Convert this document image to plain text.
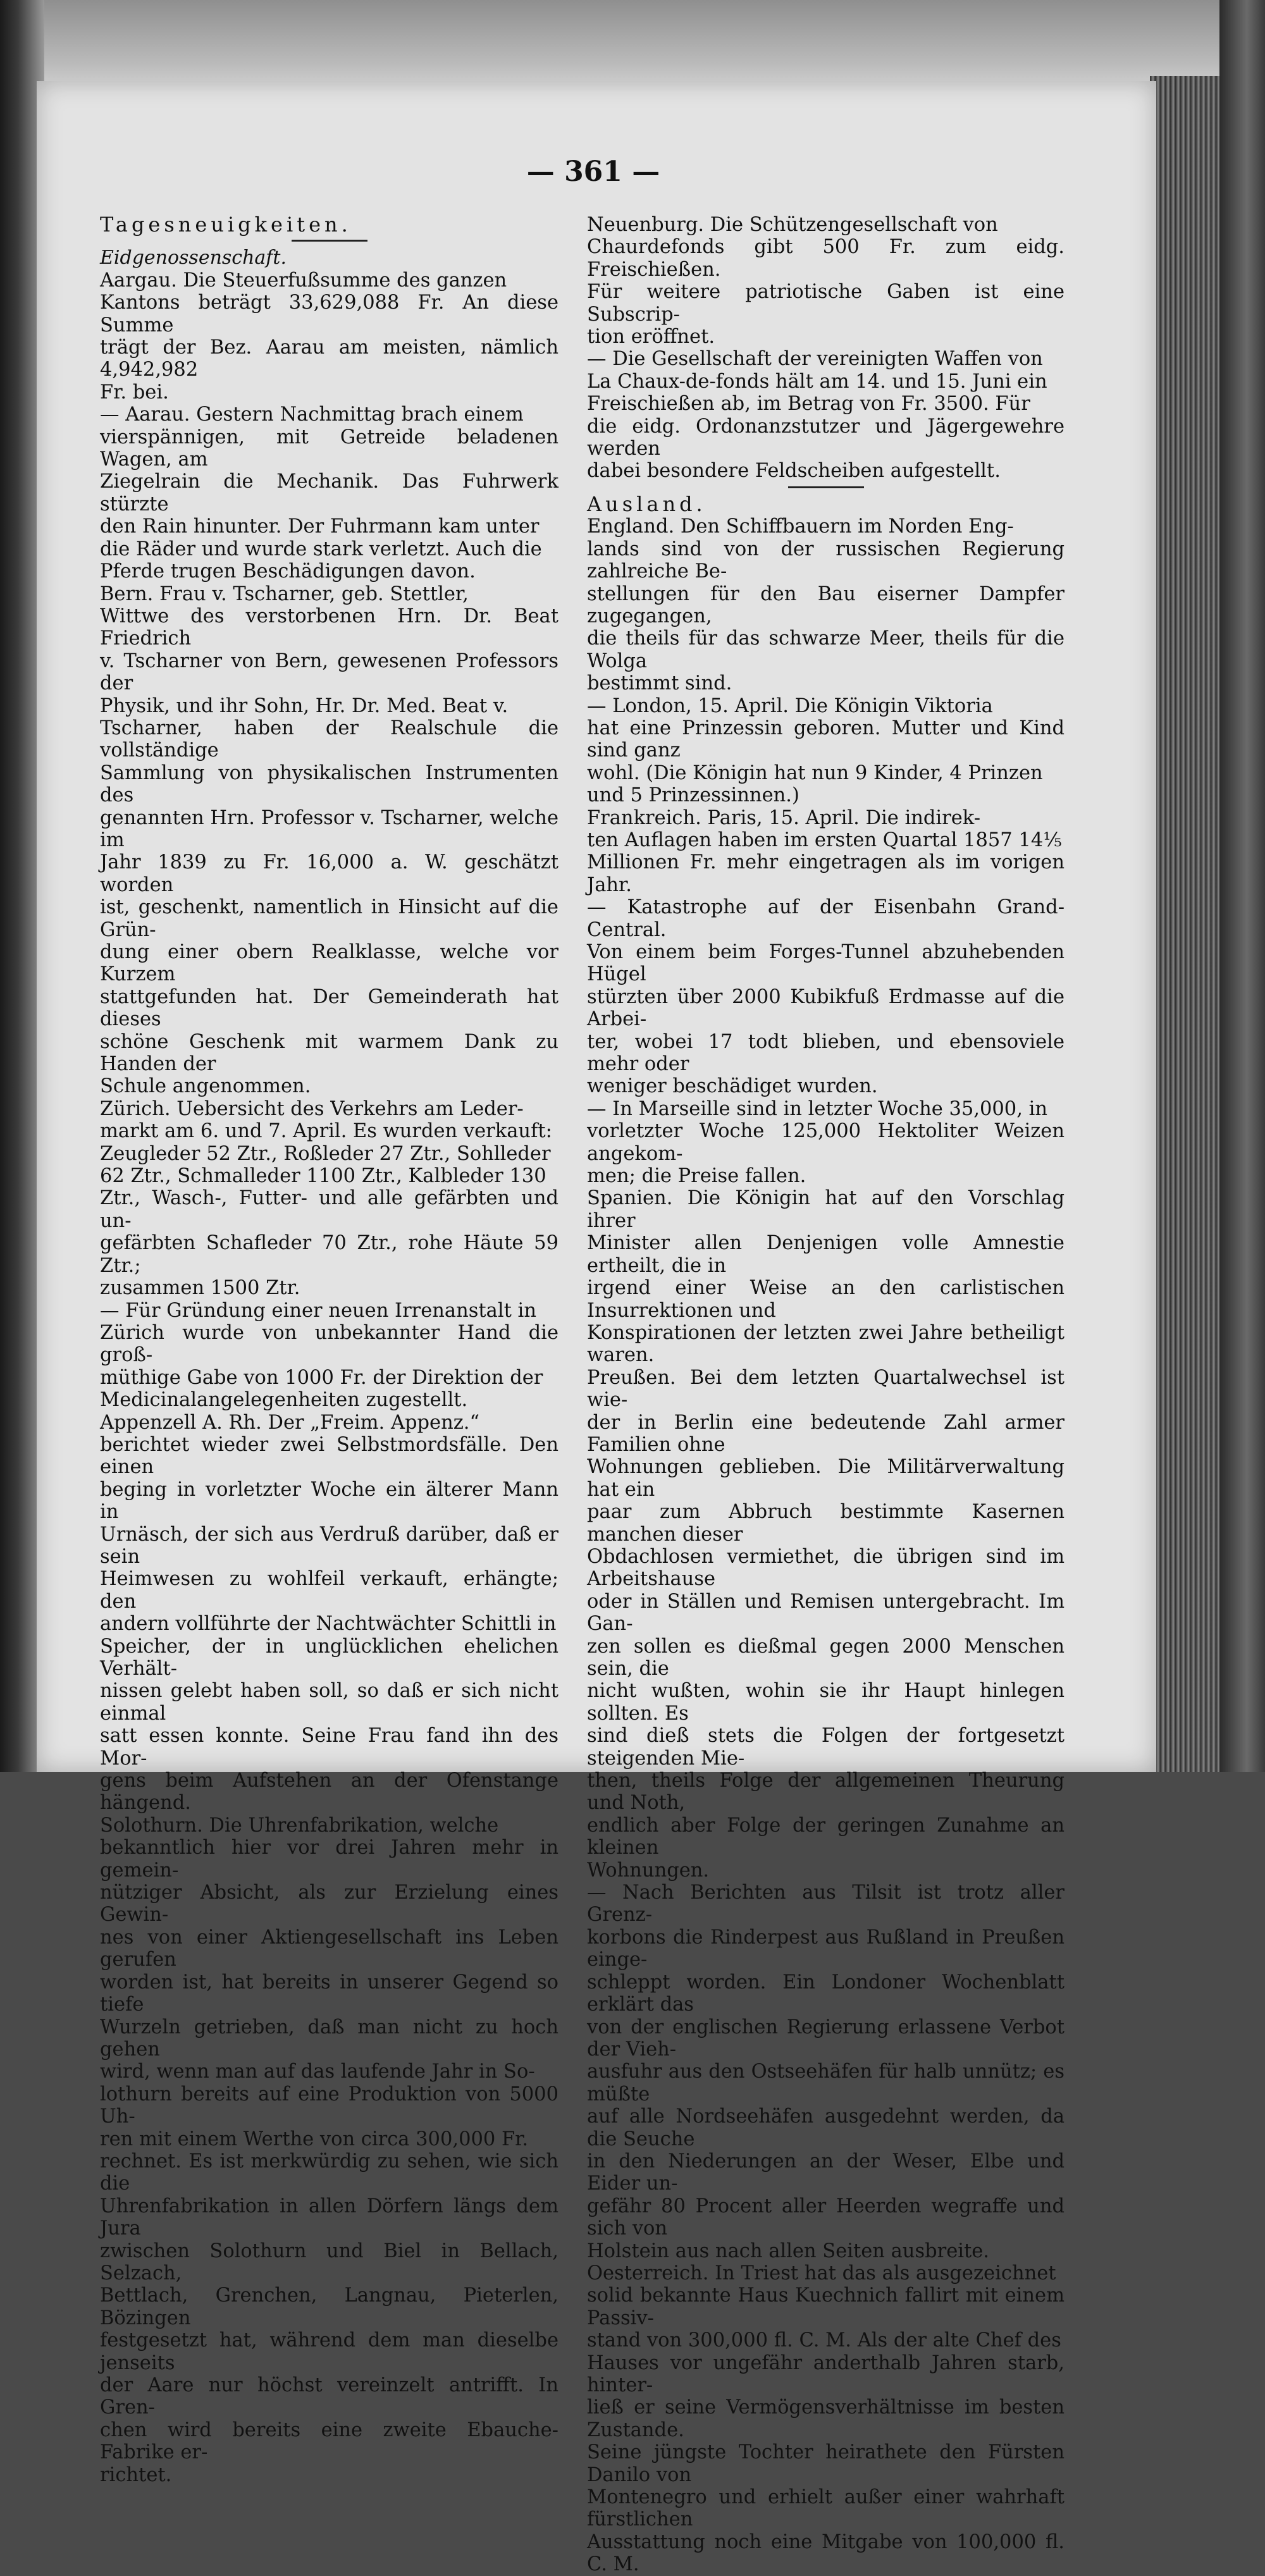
— 361 —

Tagesneuigkeiten.

Eidgenossenschaft.

Aargau. Die Steuerfußsumme des ganzen

Kantons beträgt 33,629,088 Fr. An diese Summe

trägt der Bez. Aarau am meisten, nämlich 4,942,982

Fr. bei.

— Aarau. Gestern Nachmittag brach einem

vierspännigen, mit Getreide beladenen Wagen, am

Ziegelrain die Mechanik. Das Fuhrwerk stürzte

den Rain hinunter. Der Fuhrmann kam unter

die Räder und wurde stark verletzt. Auch die

Pferde trugen Beschädigungen davon.

Bern. Frau v. Tscharner, geb. Stettler,

Wittwe des verstorbenen Hrn. Dr. Beat Friedrich

v. Tscharner von Bern, gewesenen Professors der

Physik, und ihr Sohn, Hr. Dr. Med. Beat v.

Tscharner, haben der Realschule die vollständige

Sammlung von physikalischen Instrumenten des

genannten Hrn. Professor v. Tscharner, welche im

Jahr 1839 zu Fr. 16,000 a. W. geschätzt worden

ist, geschenkt, namentlich in Hinsicht auf die Grün-

dung einer obern Realklasse, welche vor Kurzem

stattgefunden hat. Der Gemeinderath hat dieses

schöne Geschenk mit warmem Dank zu Handen der

Schule angenommen.

Zürich. Uebersicht des Verkehrs am Leder-

markt am 6. und 7. April. Es wurden verkauft:

Zeugleder 52 Ztr., Roßleder 27 Ztr., Sohlleder

62 Ztr., Schmalleder 1100 Ztr., Kalbleder 130

Ztr., Wasch-, Futter- und alle gefärbten und un-

gefärbten Schafleder 70 Ztr., rohe Häute 59 Ztr.;

zusammen 1500 Ztr.

— Für Gründung einer neuen Irrenanstalt in

Zürich wurde von unbekannter Hand die groß-

müthige Gabe von 1000 Fr. der Direktion der

Medicinalangelegenheiten zugestellt.

Appenzell A. Rh. Der „Freim. Appenz.“

berichtet wieder zwei Selbstmordsfälle. Den einen

beging in vorletzter Woche ein älterer Mann in

Urnäsch, der sich aus Verdruß darüber, daß er sein

Heimwesen zu wohlfeil verkauft, erhängte; den

andern vollführte der Nachtwächter Schittli in

Speicher, der in unglücklichen ehelichen Verhält-

nissen gelebt haben soll, so daß er sich nicht einmal

satt essen konnte. Seine Frau fand ihn des Mor-

gens beim Aufstehen an der Ofenstange hängend.

Solothurn. Die Uhrenfabrikation, welche

bekanntlich hier vor drei Jahren mehr in gemein-

nütziger Absicht, als zur Erzielung eines Gewin-

nes von einer Aktiengesellschaft ins Leben gerufen

worden ist, hat bereits in unserer Gegend so tiefe

Wurzeln getrieben, daß man nicht zu hoch gehen

wird, wenn man auf das laufende Jahr in So-

lothurn bereits auf eine Produktion von 5000 Uh-

ren mit einem Werthe von circa 300,000 Fr.

rechnet. Es ist merkwürdig zu sehen, wie sich die

Uhrenfabrikation in allen Dörfern längs dem Jura

zwischen Solothurn und Biel in Bellach, Selzach,

Bettlach, Grenchen, Langnau, Pieterlen, Bözingen

festgesetzt hat, während dem man dieselbe jenseits

der Aare nur höchst vereinzelt antrifft. In Gren-

chen wird bereits eine zweite Ebauche-Fabrike er-

richtet.

Neuenburg. Die Schützengesellschaft von

Chaurdefonds gibt 500 Fr. zum eidg. Freischießen.

Für weitere patriotische Gaben ist eine Subscrip-

tion eröffnet.

— Die Gesellschaft der vereinigten Waffen von

La Chaux-de-fonds hält am 14. und 15. Juni ein

Freischießen ab, im Betrag von Fr. 3500. Für

die eidg. Ordonanzstutzer und Jägergewehre werden

dabei besondere Feldscheiben aufgestellt.

Ausland.

England. Den Schiffbauern im Norden Eng-

lands sind von der russischen Regierung zahlreiche Be-

stellungen für den Bau eiserner Dampfer zugegangen,

die theils für das schwarze Meer, theils für die Wolga

bestimmt sind.

— London, 15. April. Die Königin Viktoria

hat eine Prinzessin geboren. Mutter und Kind sind ganz

wohl. (Die Königin hat nun 9 Kinder, 4 Prinzen

und 5 Prinzessinnen.)

Frankreich. Paris, 15. April. Die indirek-

ten Auflagen haben im ersten Quartal 1857 14⅕

Millionen Fr. mehr eingetragen als im vorigen Jahr.

— Katastrophe auf der Eisenbahn Grand-Central.

Von einem beim Forges-Tunnel abzuhebenden Hügel

stürzten über 2000 Kubikfuß Erdmasse auf die Arbei-

ter, wobei 17 todt blieben, und ebensoviele mehr oder

weniger beschädiget wurden.

— In Marseille sind in letzter Woche 35,000, in

vorletzter Woche 125,000 Hektoliter Weizen angekom-

men; die Preise fallen.

Spanien. Die Königin hat auf den Vorschlag ihrer

Minister allen Denjenigen volle Amnestie ertheilt, die in

irgend einer Weise an den carlistischen Insurrektionen und

Konspirationen der letzten zwei Jahre betheiligt waren.

Preußen. Bei dem letzten Quartalwechsel ist wie-

der in Berlin eine bedeutende Zahl armer Familien ohne

Wohnungen geblieben. Die Militärverwaltung hat ein

paar zum Abbruch bestimmte Kasernen manchen dieser

Obdachlosen vermiethet, die übrigen sind im Arbeitshause

oder in Ställen und Remisen untergebracht. Im Gan-

zen sollen es dießmal gegen 2000 Menschen sein, die

nicht wußten, wohin sie ihr Haupt hinlegen sollten. Es

sind dieß stets die Folgen der fortgesetzt steigenden Mie-

then, theils Folge der allgemeinen Theurung und Noth,

endlich aber Folge der geringen Zunahme an kleinen

Wohnungen.

— Nach Berichten aus Tilsit ist trotz aller Grenz-

korbons die Rinderpest aus Rußland in Preußen einge-

schleppt worden. Ein Londoner Wochenblatt erklärt das

von der englischen Regierung erlassene Verbot der Vieh-

ausfuhr aus den Ostseehäfen für halb unnütz; es müßte

auf alle Nordseehäfen ausgedehnt werden, da die Seuche

in den Niederungen an der Weser, Elbe und Eider un-

gefähr 80 Procent aller Heerden wegraffe und sich von

Holstein aus nach allen Seiten ausbreite.

Oesterreich. In Triest hat das als ausgezeichnet

solid bekannte Haus Kuechnich fallirt mit einem Passiv-

stand von 300,000 fl. C. M. Als der alte Chef des

Hauses vor ungefähr anderthalb Jahren starb, hinter-

ließ er seine Vermögensverhältnisse im besten Zustande.

Seine jüngste Tochter heirathete den Fürsten Danilo von

Montenegro und erhielt außer einer wahrhaft fürstlichen

Ausstattung noch eine Mitgabe von 100,000 fl. C. M.
